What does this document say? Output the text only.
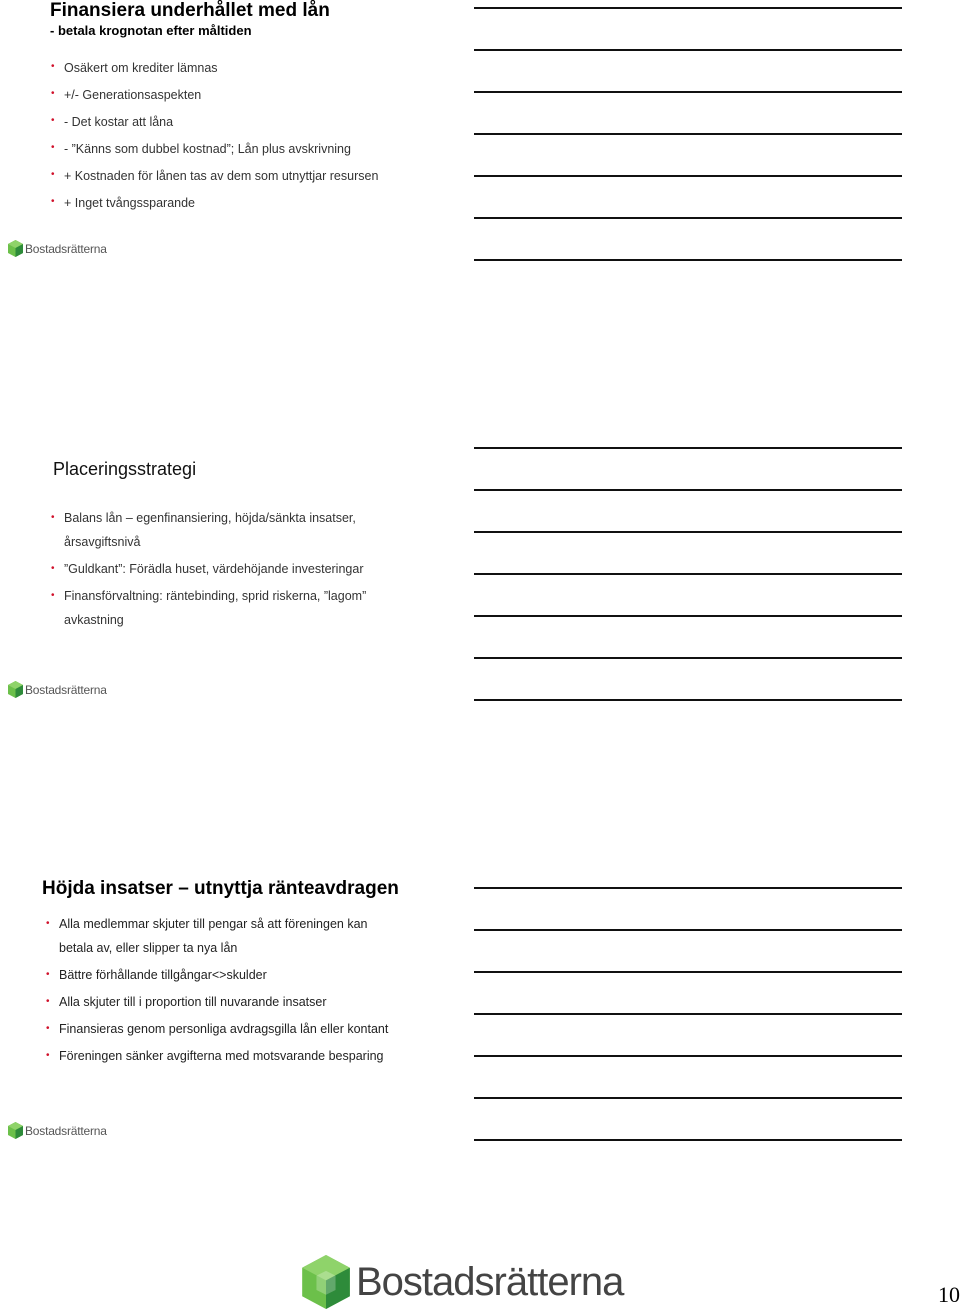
Finansiera underhållet med lån

- betala krognotan efter måltiden

• Osäkert om krediter lämnas
• +/- Generationsaspekten
• - Det kostar att låna
• - ”Känns som dubbel kostnad”; Lån plus avskrivning
• + Kostnaden för lånen tas av dem som utnyttjar resursen
• + Inget tvångssparande
Bostadsrätterna
Placeringsstrategi
• Balans lån – egenfinansiering, höjda/sänkta insatser, årsavgiftsnivå
• ”Guldkant”: Förädla huset, värdehöjande investeringar
• Finansförvaltning: räntebinding, sprid riskerna, ”lagom” avkastning
Bostadsrätterna
Höjda insatser – utnyttja ränteavdragen
• Alla medlemmar skjuter till pengar så att föreningen kan betala av, eller slipper ta nya lån
• Bättre förhållande tillgångar<>skulder
• Alla skjuter till i proportion till nuvarande insatser
• Finansieras genom personliga avdragsgilla lån eller kontant
• Föreningen sänker avgifterna med motsvarande besparing
Bostadsrätterna
Bostadsrätterna	10
